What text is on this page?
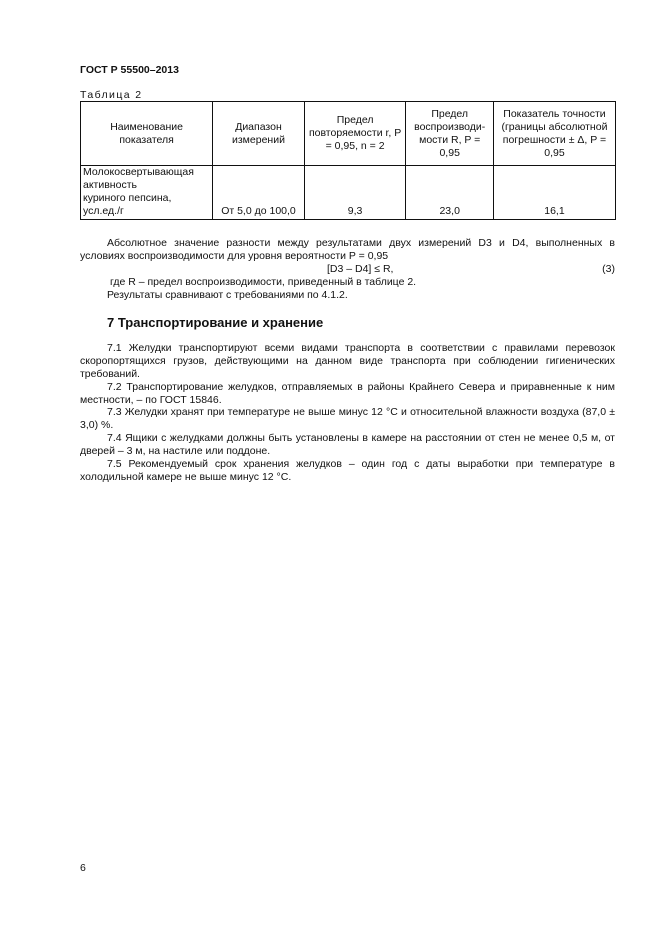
ГОСТ Р 55500–2013
Таблица 2
Наименование показателя	Диапазон измерений	Предел повторяемости r, P = 0,95, n = 2	Предел воспроизводи-мости R, P = 0,95	Показатель точности (границы абсолютной погрешности ± Δ, P = 0,95
Молокосвертывающая активность
куриного пепсина, усл.ед./г	От 5,0 до 100,0	9,3	23,0	16,1
Абсолютное значение разности между результатами двух измерений D3 и D4, выполненных в условиях воспроизводимости для уровня вероятности P = 0,95
[D3 – D4] ≤ R,	(3)
где R – предел воспроизводимости, приведенный в таблице 2.
Результаты сравнивают с требованиями по 4.1.2.
7 Транспортирование и хранение
7.1 Желудки транспортируют всеми видами транспорта в соответствии с правилами перевозок скоропортящихся грузов, действующими на данном виде транспорта при соблюдении гигиенических требований.
7.2 Транспортирование желудков, отправляемых в районы Крайнего Севера и приравненные к ним местности, – по ГОСТ 15846.
7.3 Желудки хранят при температуре не выше минус 12 °С и относительной влажности воздуха (87,0 ± 3,0) %.
7.4 Ящики с желудками должны быть установлены в камере на расстоянии от стен не менее 0,5 м, от дверей – 3 м, на настиле или поддоне.
7.5 Рекомендуемый срок хранения желудков – один год с даты выработки при температуре в холодильной камере не выше минус 12 °С.
6
